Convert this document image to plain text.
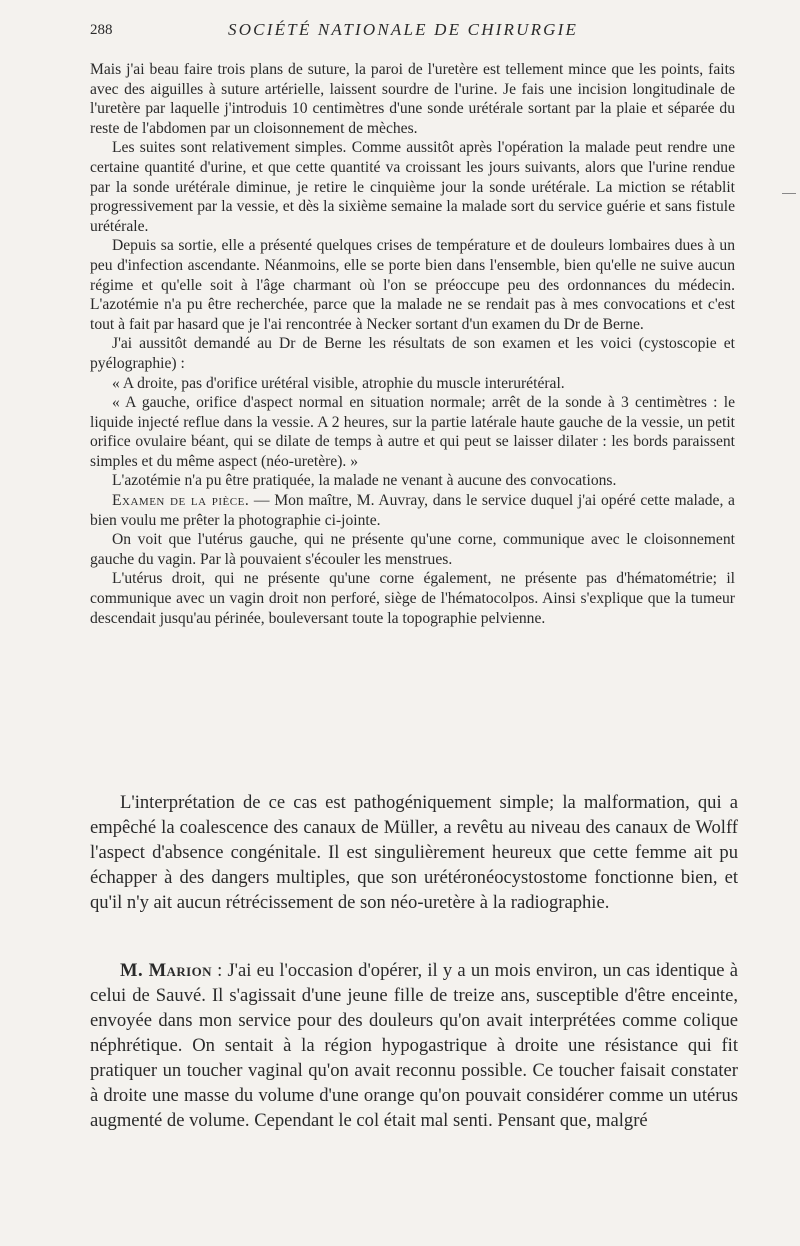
288	SOCIÉTÉ NATIONALE DE CHIRURGIE

Mais j'ai beau faire trois plans de suture, la paroi de l'uretère est tellement mince que les points, faits avec des aiguilles à suture artérielle, laissent sourdre de l'urine. Je fais une incision longitudinale de l'uretère par laquelle j'introduis 10 centimètres d'une sonde urétérale sortant par la plaie et séparée du reste de l'abdomen par un cloisonnement de mèches.

Les suites sont relativement simples. Comme aussitôt après l'opération la malade peut rendre une certaine quantité d'urine, et que cette quantité va croissant les jours suivants, alors que l'urine rendue par la sonde urétérale diminue, je retire le cinquième jour la sonde urétérale. La miction se rétablit progressivement par la vessie, et dès la sixième semaine la malade sort du service guérie et sans fistule urétérale.

Depuis sa sortie, elle a présenté quelques crises de température et de douleurs lombaires dues à un peu d'infection ascendante. Néanmoins, elle se porte bien dans l'ensemble, bien qu'elle ne suive aucun régime et qu'elle soit à l'âge charmant où l'on se préoccupe peu des ordonnances du médecin. L'azotémie n'a pu être recherchée, parce que la malade ne se rendait pas à mes convocations et c'est tout à fait par hasard que je l'ai rencontrée à Necker sortant d'un examen du Dr de Berne.

J'ai aussitôt demandé au Dr de Berne les résultats de son examen et les voici (cystoscopie et pyélographie) :

« A droite, pas d'orifice urétéral visible, atrophie du muscle interurétéral.

« A gauche, orifice d'aspect normal en situation normale; arrêt de la sonde à 3 centimètres : le liquide injecté reflue dans la vessie. A 2 heures, sur la partie latérale haute gauche de la vessie, un petit orifice ovulaire béant, qui se dilate de temps à autre et qui peut se laisser dilater : les bords paraissent simples et du même aspect (néo-uretère). »

L'azotémie n'a pu être pratiquée, la malade ne venant à aucune des convocations.

Examen de la pièce. — Mon maître, M. Auvray, dans le service duquel j'ai opéré cette malade, a bien voulu me prêter la photographie ci-jointe.

On voit que l'utérus gauche, qui ne présente qu'une corne, communique avec le cloisonnement gauche du vagin. Par là pouvaient s'écouler les menstrues.

L'utérus droit, qui ne présente qu'une corne également, ne présente pas d'hématométrie; il communique avec un vagin droit non perforé, siège de l'hématocolpos. Ainsi s'explique que la tumeur descendait jusqu'au périnée, bouleversant toute la topographie pelvienne.

L'interprétation de ce cas est pathogéniquement simple; la malformation, qui a empêché la coalescence des canaux de Müller, a revêtu au niveau des canaux de Wolff l'aspect d'absence congénitale. Il est singulièrement heureux que cette femme ait pu échapper à des dangers multiples, que son urétéronéocystostome fonctionne bien, et qu'il n'y ait aucun rétrécissement de son néo-uretère à la radiographie.

M. Marion : J'ai eu l'occasion d'opérer, il y a un mois environ, un cas identique à celui de Sauvé. Il s'agissait d'une jeune fille de treize ans, susceptible d'être enceinte, envoyée dans mon service pour des douleurs qu'on avait interprétées comme colique néphrétique. On sentait à la région hypogastrique à droite une résistance qui fit pratiquer un toucher vaginal qu'on avait reconnu possible. Ce toucher faisait constater à droite une masse du volume d'une orange qu'on pouvait considérer comme un utérus augmenté de volume. Cependant le col était mal senti. Pensant que, malgré
